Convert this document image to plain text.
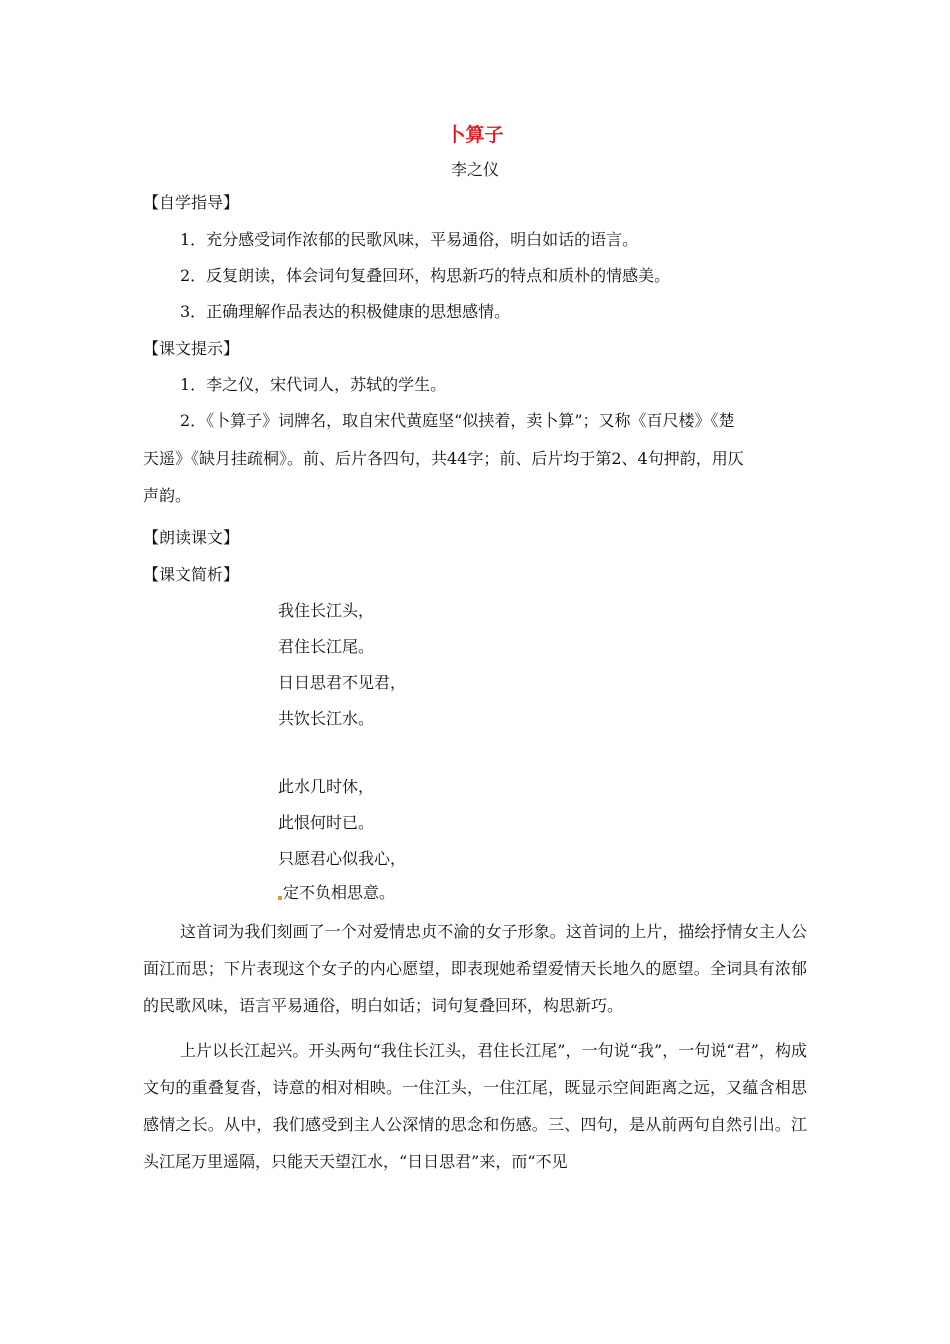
卜算子
李之仪
【自学指导】
1．充分感受词作浓郁的民歌风味，平易通俗，明白如话的语言。
2．反复朗读，体会词句复叠回环，构思新巧的特点和质朴的情感美。
3．正确理解作品表达的积极健康的思想感情。
【课文提示】
1．李之仪，宋代词人，苏轼的学生。
2．《卜算子》词牌名，取自宋代黄庭坚“似挟着，卖卜算”；又称《百尺楼》《楚
天遥》《缺月挂疏桐》。前、后片各四句，共44字；前、后片均于第2、4句押韵，用仄
声韵。
【朗读课文】
【课文简析】
我住长江头，
君住长江尾。
日日思君不见君，
共饮长江水。
此水几时休，
此恨何时已。
只愿君心似我心，
定不负相思意。

这首词为我们刻画了一个对爱情忠贞不渝的女子形象。这首词的上片，描绘抒情女主人公面江而思；下片表现这个女子的内心愿望，即表现她希望爱情天长地久的愿望。全词具有浓郁的民歌风味，语言平易通俗，明白如话；词句复叠回环，构思新巧。

上片以长江起兴。开头两句“我住长江头，君住长江尾”，一句说“我”，一句说“君”，构成文句的重叠复沓，诗意的相对相映。一住江头，一住江尾，既显示空间距离之远，又蕴含相思感情之长。从中，我们感受到主人公深情的思念和伤感。三、四句，是从前两句自然引出。江头江尾万里遥隔，只能天天望江水，“日日思君”来，而“不见
